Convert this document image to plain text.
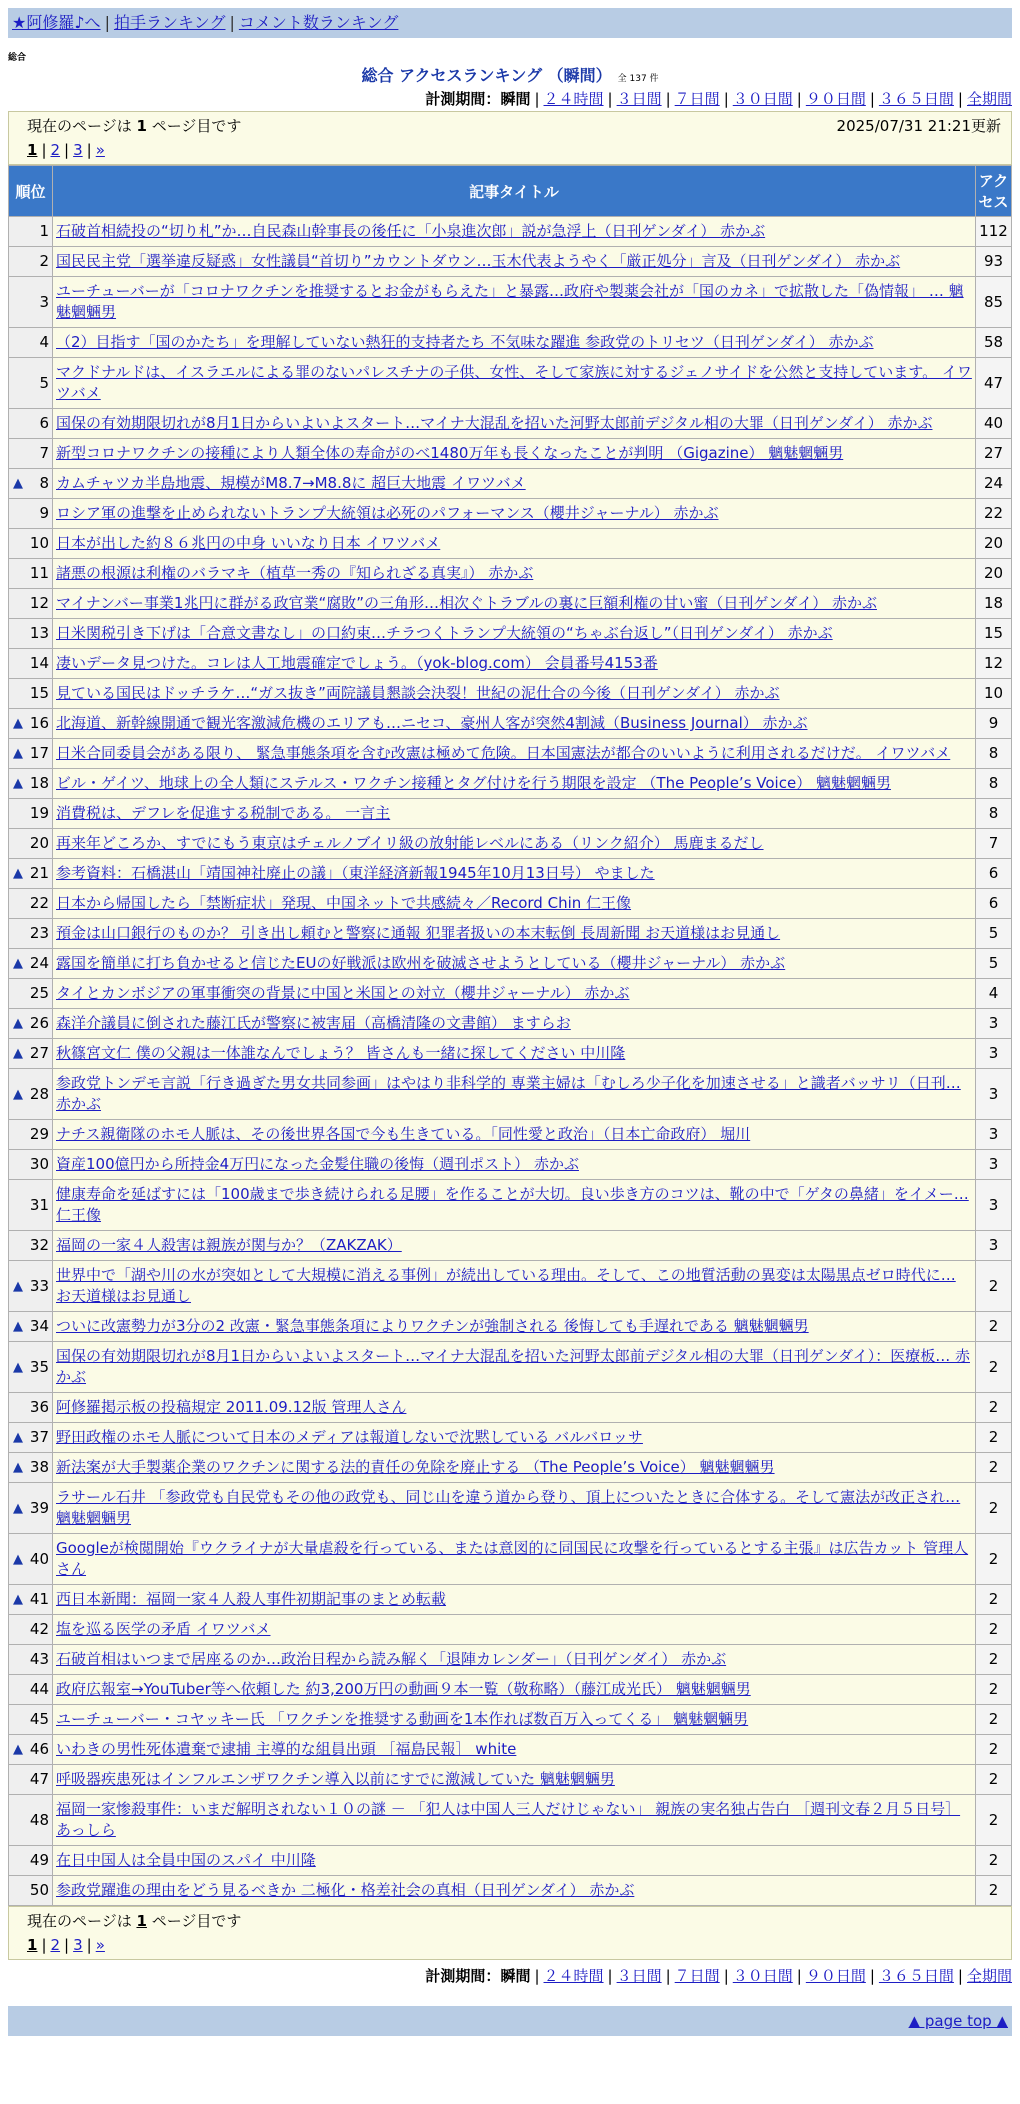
★阿修羅♪へ | 拍手ランキング | コメント数ランキング
総合
総合 アクセスランキング （瞬間） 全 137 件
計測期間：瞬間 | ２４時間 | ３日間 | ７日間 | ３０日間 | ９０日間 | ３６５日間 | 全期間
現在のページは 1 ページ目です	2025/07/31 21:21更新
1 | 2 | 3 | »
順位	記事タイトル	アクセス
1	石破首相続投の“切り札”か…自民森山幹事長の後任に「小泉進次郎」説が急浮上（日刊ゲンダイ） 赤かぶ	112
2	国民民主党「選挙違反疑惑」女性議員“首切り”カウントダウン…玉木代表ようやく「厳正処分」言及（日刊ゲンダイ） 赤かぶ	93
3	ユーチューバーが「コロナワクチンを推奨するとお金がもらえた」と暴露…政府や製薬会社が「国のカネ」で拡散した「偽情報」 … 魑魅魍魎男	85
4	（2）目指す「国のかたち」を理解していない熱狂的支持者たち 不気味な躍進 参政党のトリセツ（日刊ゲンダイ） 赤かぶ	58
5	マクドナルドは、イスラエルによる罪のないパレスチナの子供、女性、そして家族に対するジェノサイドを公然と支持しています。 イワツバメ	47
6	国保の有効期限切れが8月1日からいよいよスタート…マイナ大混乱を招いた河野太郎前デジタル相の大罪（日刊ゲンダイ） 赤かぶ	40
7	新型コロナワクチンの接種により人類全体の寿命がのべ1480万年も長くなったことが判明 （Gigazine） 魑魅魍魎男	27

▲ 8	カムチャツカ半島地震、規模がM8.7→M8.8に 超巨大地震 イワツバメ	24
9	ロシア軍の進撃を止められないトランプ大統領は必死のパフォーマンス（櫻井ジャーナル） 赤かぶ	22
10	日本が出した約８６兆円の中身 いいなり日本 イワツバメ	20
11	諸悪の根源は利権のバラマキ（植草一秀の『知られざる真実』） 赤かぶ	20
12	マイナンバー事業1兆円に群がる政官業“腐敗”の三角形…相次ぐトラブルの裏に巨額利権の甘い蜜（日刊ゲンダイ） 赤かぶ	18
13	日米関税引き下げは「合意文書なし」の口約束…チラつくトランプ大統領の“ちゃぶ台返し”（日刊ゲンダイ） 赤かぶ	15
14	凄いデータ見つけた。コレは人工地震確定でしょう。（yok-blog.com） 会員番号4153番	12
15	見ている国民はドッチラケ…“ガス抜き”両院議員懇談会決裂！世紀の泥仕合の今後（日刊ゲンダイ） 赤かぶ	10

▲ 16	北海道、新幹線開通で観光客激減危機のエリアも…ニセコ、豪州人客が突然4割減（Business Journal） 赤かぶ	9

▲ 17	日米合同委員会がある限り、 緊急事態条項を含む改憲は極めて危険。日本国憲法が都合のいいように利用されるだけだ。 イワツバメ	8

▲ 18	ビル・ゲイツ、地球上の全人類にステルス・ワクチン接種とタグ付けを行う期限を設定 （The People’s Voice） 魑魅魍魎男	8
19	消費税は、デフレを促進する税制である。 一言主	8
20	再来年どころか、すでにもう東京はチェルノブイリ級の放射能レベルにある（リンク紹介） 馬鹿まるだし	7

▲ 21	参考資料：石橋湛山「靖国神社廃止の議」（東洋経済新報1945年10月13日号） やました	6
22	日本から帰国したら「禁断症状」発現、中国ネットで共感続々／Record Chin 仁王像	6
23	預金は山口銀行のものか？ 引き出し頼むと警察に通報 犯罪者扱いの本末転倒 長周新聞 お天道様はお見通し	5

▲ 24	露国を簡単に打ち負かせると信じたEUの好戦派は欧州を破滅させようとしている（櫻井ジャーナル） 赤かぶ	5
25	タイとカンボジアの軍事衝突の背景に中国と米国との対立（櫻井ジャーナル） 赤かぶ	4

▲ 26	森洋介議員に倒された藤江氏が警察に被害届（高橋清隆の文書館） ますらお	3

▲ 27	秋篠宮文仁 僕の父親は一体誰なんでしょう？ 皆さんも一緒に探してください 中川隆	3

▲ 28	参政党トンデモ言説「行き過ぎた男女共同参画」はやはり非科学的 専業主婦は「むしろ少子化を加速させる」と識者バッサリ（日刊… 赤かぶ	3
29	ナチス親衛隊のホモ人脈は、その後世界各国で今も生きている。「同性愛と政治」（日本亡命政府） 堀川	3
30	資産100億円から所持金4万円になった金髪住職の後悔（週刊ポスト） 赤かぶ	3
31	健康寿命を延ばすには「100歳まで歩き続けられる足腰」を作ることが大切。良い歩き方のコツは、靴の中で「ゲタの鼻緒」をイメー… 仁王像	3
32	福岡の一家４人殺害は親族が関与か？（ZAKZAK）	3

▲ 33	世界中で「湖や川の水が突如として大規模に消える事例」が続出している理由。そして、この地質活動の異変は太陽黒点ゼロ時代に… お天道様はお見通し	2

▲ 34	ついに改憲勢力が3分の2 改憲・緊急事態条項によりワクチンが強制される 後悔しても手遅れである 魑魅魍魎男	2

▲ 35	国保の有効期限切れが8月1日からいよいよスタート…マイナ大混乱を招いた河野太郎前デジタル相の大罪（日刊ゲンダイ）：医療板… 赤かぶ	2
36	阿修羅掲示板の投稿規定 2011.09.12版 管理人さん	2

▲ 37	野田政権のホモ人脈について日本のメディアは報道しないで沈黙している バルバロッサ	2

▲ 38	新法案が大手製薬企業のワクチンに関する法的責任の免除を廃止する （The People’s Voice） 魑魅魍魎男	2

▲ 39	ラサール石井 「参政党も自民党もその他の政党も、同じ山を違う道から登り、頂上についたときに合体する。そして憲法が改正され… 魑魅魍魎男	2

▲ 40	Googleが検閲開始『ウクライナが大量虐殺を行っている、または意図的に同国民に攻撃を行っているとする主張』は広告カット 管理人さん	2

▲ 41	西日本新聞：福岡一家４人殺人事件初期記事のまとめ転載	2
42	塩を巡る医学の矛盾 イワツバメ	2
43	石破首相はいつまで居座るのか…政治日程から読み解く「退陣カレンダー」（日刊ゲンダイ） 赤かぶ	2
44	政府広報室→YouTuber等へ依頼した 約3,200万円の動画９本一覧（敬称略）（藤江成光氏） 魑魅魍魎男	2
45	ユーチューバー・コヤッキー氏 「ワクチンを推奨する動画を1本作れば数百万入ってくる」 魑魅魍魎男	2

▲ 46	いわきの男性死体遺棄で逮捕 主導的な組員出頭 ［福島民報］ white	2
47	呼吸器疾患死はインフルエンザワクチン導入以前にすでに激減していた 魑魅魍魎男	2
48	福岡一家惨殺事件：いまだ解明されない１０の謎 － 「犯人は中国人三人だけじゃない」 親族の実名独占告白 ［週刊文春２月５日号］ あっしら	2
49	在日中国人は全員中国のスパイ 中川隆	2
50	参政党躍進の理由をどう見るべきか 二極化・格差社会の真相（日刊ゲンダイ） 赤かぶ	2
現在のページは 1 ページ目です
1 | 2 | 3 | »
計測期間：瞬間 | ２４時間 | ３日間 | ７日間 | ３０日間 | ９０日間 | ３６５日間 | 全期間
▲ page top ▲
